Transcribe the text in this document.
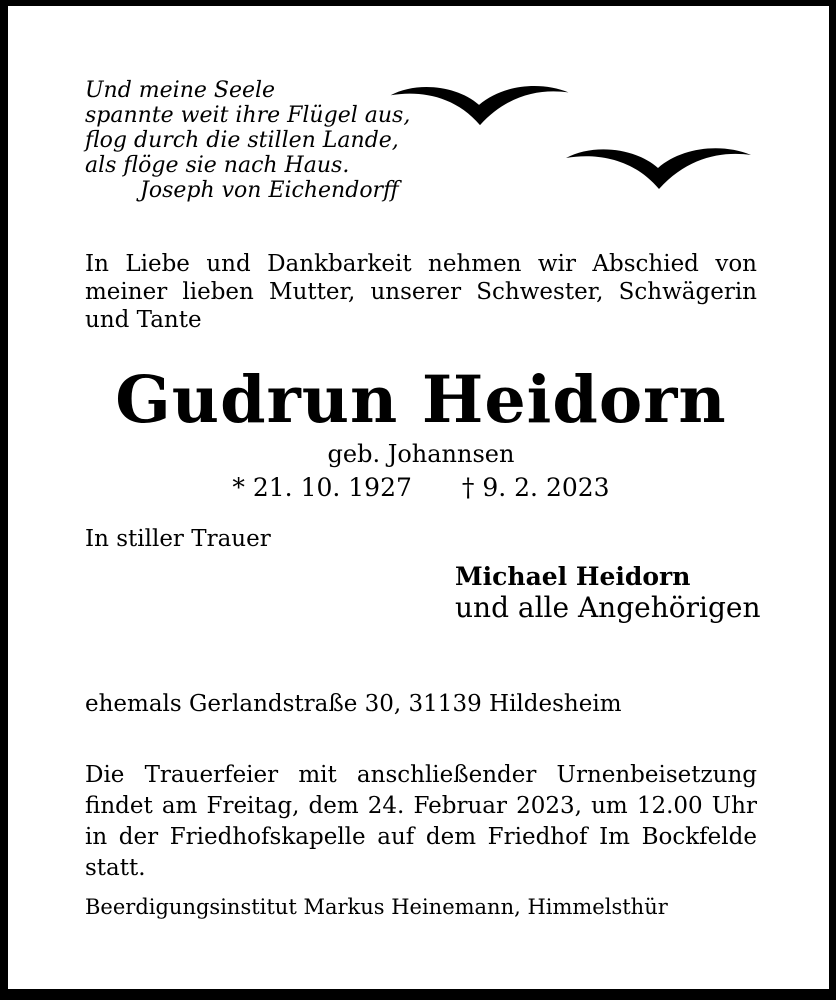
Und meine Seele
spannte weit ihre Flügel aus,
flog durch die stillen Lande,
als flöge sie nach Haus.
Joseph von Eichendorff
In Liebe und Dankbarkeit nehmen wir Abschied von
meiner lieben Mutter, unserer Schwester, Schwägerin
und Tante
Gudrun Heidorn
geb. Johannsen
* 21. 10. 1927 † 9. 2. 2023
In stiller Trauer
Michael Heidorn
und alle Angehörigen
ehemals Gerlandstraße 30, 31139 Hildesheim
Die Trauerfeier mit anschließender Urnenbeisetzung
findet am Freitag, dem 24. Februar 2023, um 12.00 Uhr
in der Friedhofskapelle auf dem Friedhof Im Bockfelde
statt.
Beerdigungsinstitut Markus Heinemann, Himmelsthür
